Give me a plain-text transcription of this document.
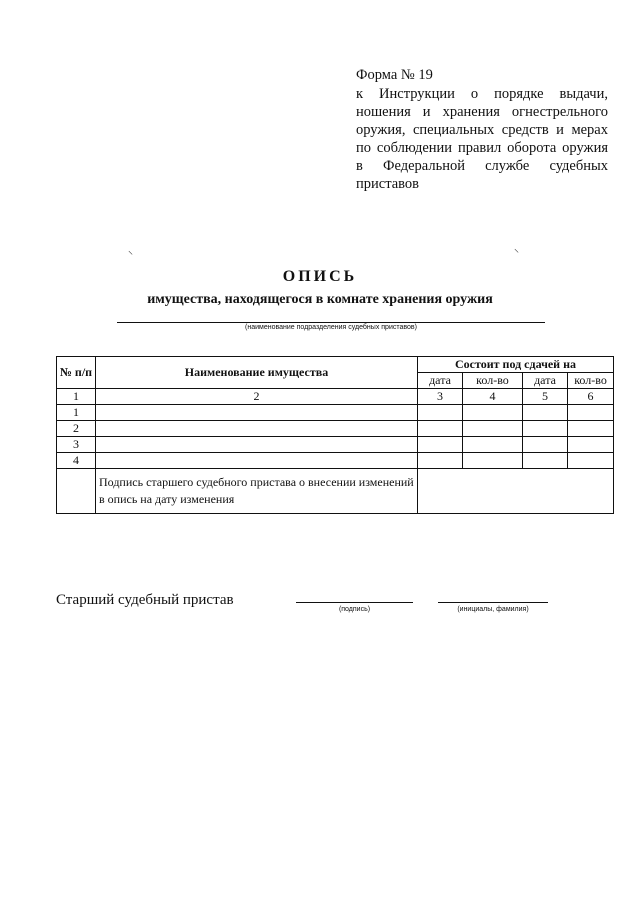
Форма № 19
к Инструкции о порядке выдачи, ношения и хранения огнестрельного оружия, специальных средств и мерах по соблюдении правил оборота оружия в Федеральной службе судебных приставов
⸌	⸌
ОПИСЬ
имущества, находящегося в комнате хранения оружия
(наименование подразделения судебных приставов)
№ п/п	Наименование имущества	Состоит под сдачей на			
		дата	кол-во	дата	кол-во
1	2	3	4	5	6
1					
2					
3					
4					
	Подпись старшего судебного пристава о внесении изменений в опись на дату изменения				
Старший судебный пристав
(подпись)	(инициалы, фамилия)
